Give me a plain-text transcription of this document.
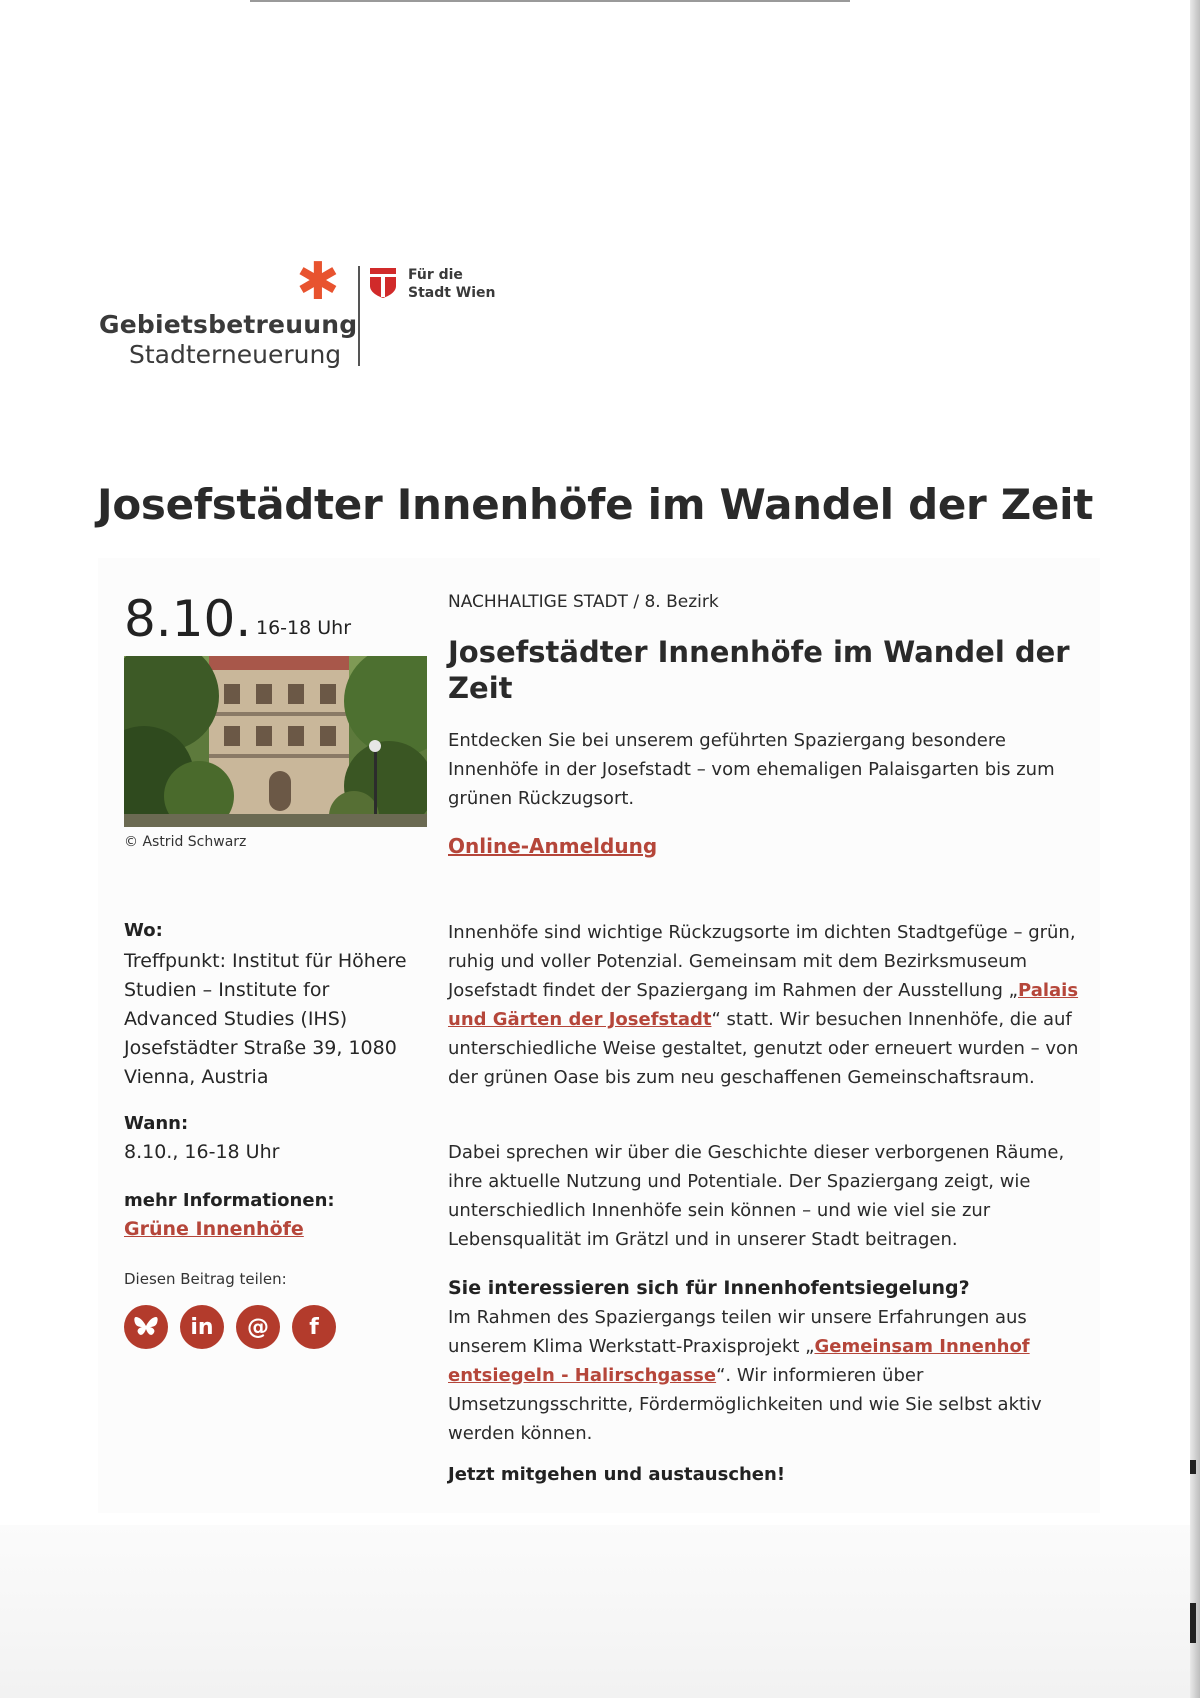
✱
Gebietsbetreuung
Stadterneuerung
Für die
Stadt Wien
Josefstädter Innenhöfe im Wandel der Zeit
8.10. 16-18 Uhr
© Astrid Schwarz
Wo:
Treffpunkt: Institut für Höhere Studien – Institute for Advanced Studies (IHS) Josefstädter Straße 39, 1080 Vienna, Austria
Wann:
8.10., 16-18 Uhr
mehr Informationen:
Grüne Innenhöfe
Diesen Beitrag teilen:
in	@	f
NACHHALTIGE STADT / 8. Bezirk
Josefstädter Innenhöfe im Wandel der Zeit

Entdecken Sie bei unserem geführten Spaziergang besondere Innenhöfe in der Josefstadt – vom ehemaligen Palaisgarten bis zum grünen Rückzugsort.

Online-Anmeldung

Innenhöfe sind wichtige Rückzugsorte im dichten Stadtgefüge – grün, ruhig und voller Potenzial. Gemeinsam mit dem Bezirksmuseum Josefstadt findet der Spaziergang im Rahmen der Ausstellung „Palais und Gärten der Josefstadt“ statt. Wir besuchen Innenhöfe, die auf unterschiedliche Weise gestaltet, genutzt oder erneuert wurden – von der grünen Oase bis zum neu geschaffenen Gemeinschaftsraum.

Dabei sprechen wir über die Geschichte dieser verborgenen Räume, ihre aktuelle Nutzung und Potentiale. Der Spaziergang zeigt, wie unterschiedlich Innenhöfe sein können – und wie viel sie zur Lebensqualität im Grätzl und in unserer Stadt beitragen.

Sie interessieren sich für Innenhofentsiegelung?

Im Rahmen des Spaziergangs teilen wir unsere Erfahrungen aus unserem Klima Werkstatt-Praxisprojekt „Gemeinsam Innenhof entsiegeln - Halirschgasse“. Wir informieren über Umsetzungsschritte, Fördermöglichkeiten und wie Sie selbst aktiv werden können.

Jetzt mitgehen und austauschen!
